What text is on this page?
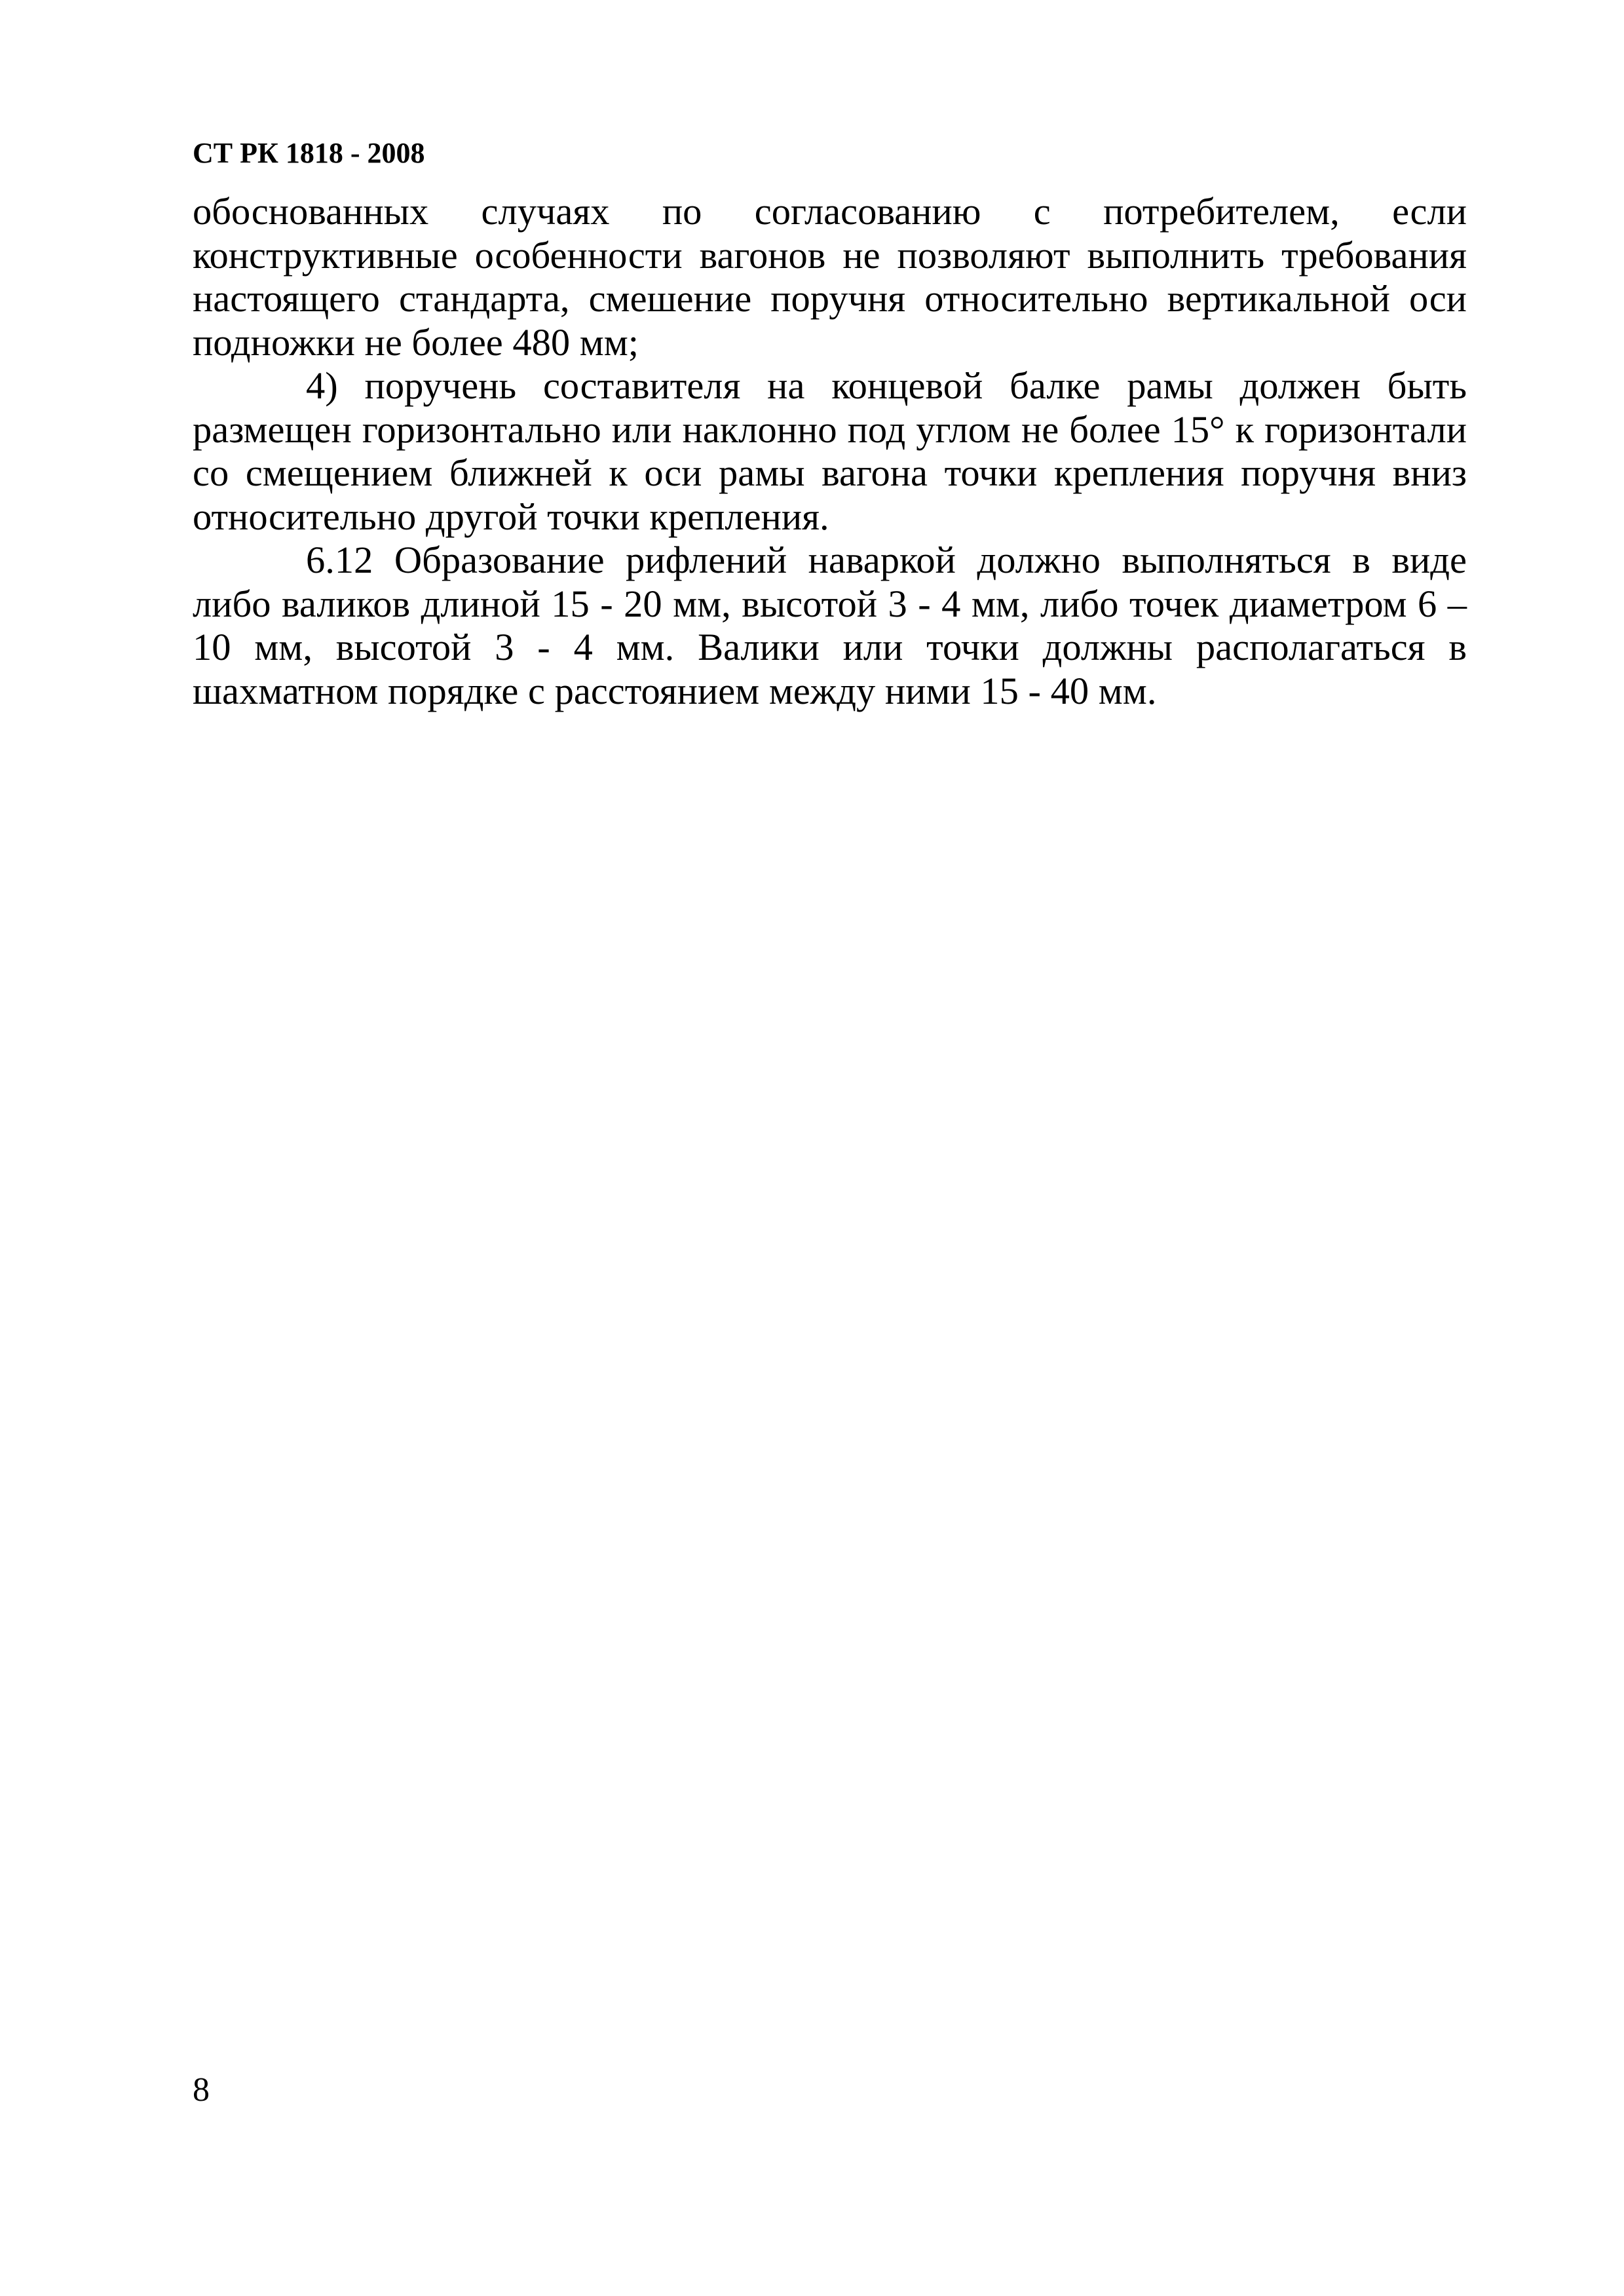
СТ РК 1818 - 2008

обоснованных случаях по согласованию с потребителем, если конструктивные особенности вагонов не позволяют выполнить требования настоящего стандарта, смешение поручня относительно вертикальной оси подножки не более 480 мм;

4) поручень составителя на концевой балке рамы должен быть размещен горизонтально или наклонно под углом не более 15° к горизонтали со смещением ближней к оси рамы вагона точки крепления поручня вниз относительно другой точки крепления.

6.12 Образование рифлений наваркой должно выполняться в виде либо валиков длиной 15 - 20 мм, высотой 3 - 4 мм, либо точек диаметром 6 – 10 мм, высотой 3 - 4 мм. Валики или точки должны располагаться в шахматном порядке с расстоянием между ними 15 - 40 мм.

8
